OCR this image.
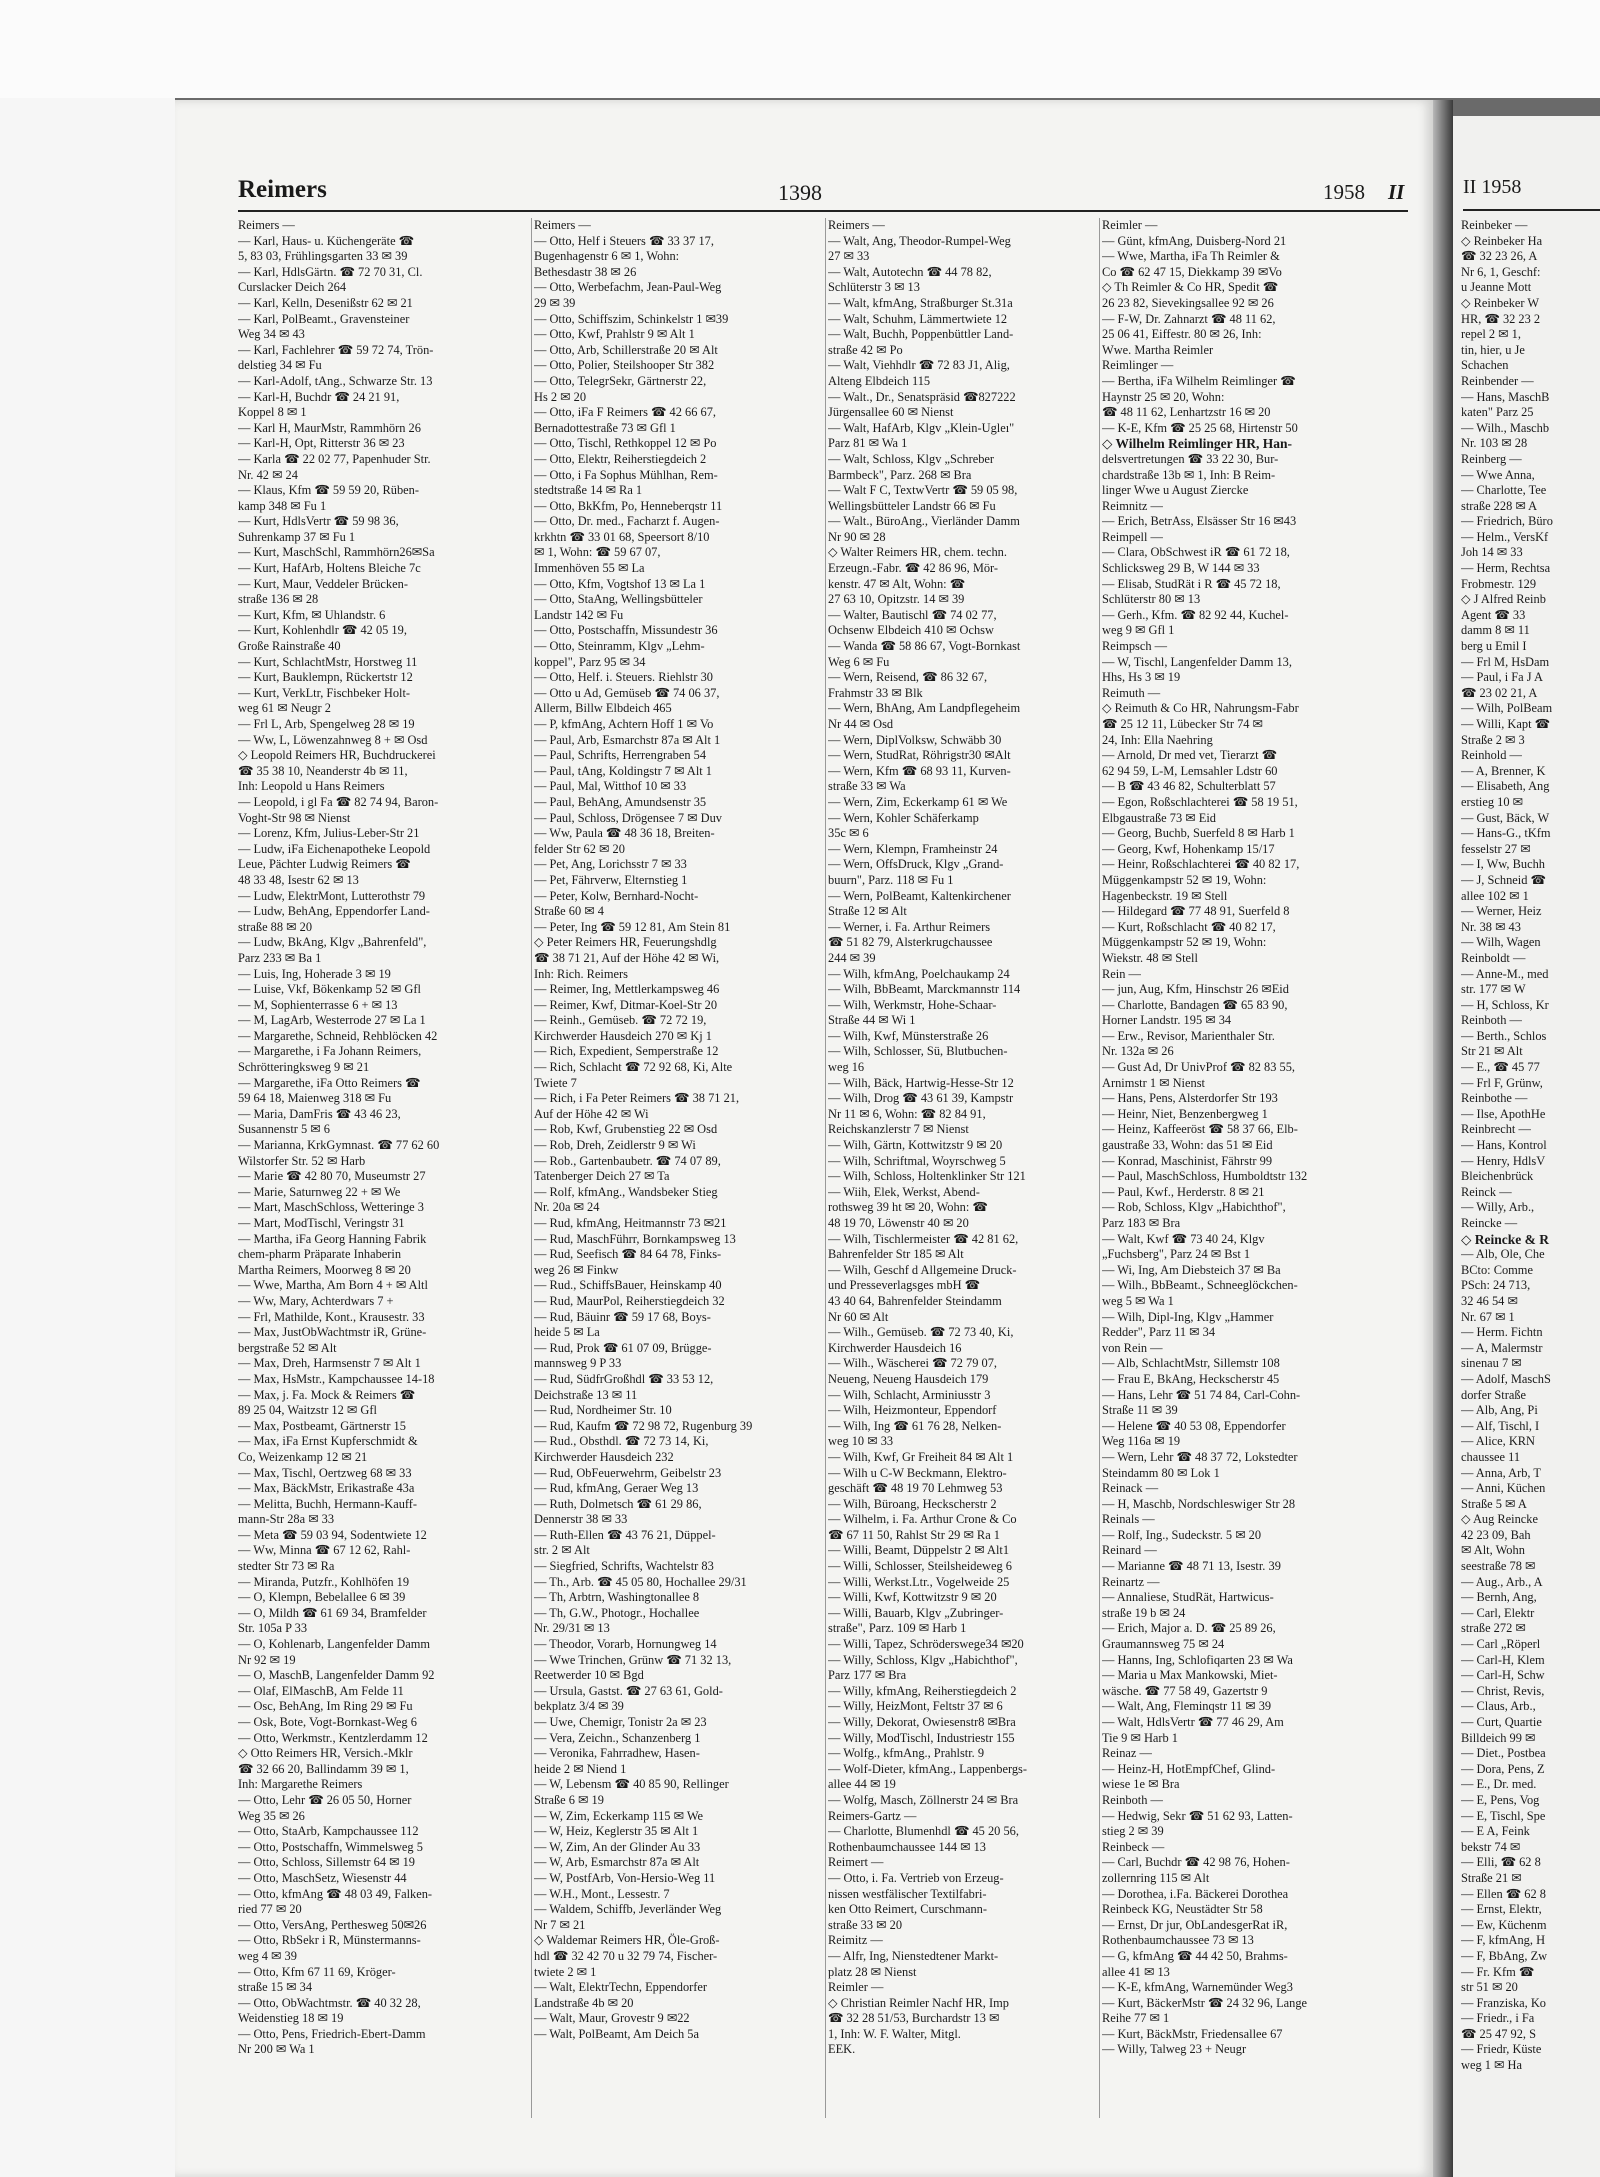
Reimers	1398	1958 II
Reimers —
— Karl, Haus- u. Küchengeräte ☎
5, 83 03, Frühlingsgarten 33 ✉ 39
— Karl, HdlsGärtn. ☎ 72 70 31, Cl.
Curslacker Deich 264
— Karl, Kelln, Desenißstr 62 ✉ 21
— Karl, PolBeamt., Gravensteiner
Weg 34 ✉ 43
— Karl, Fachlehrer ☎ 59 72 74, Trön-
delstieg 34 ✉ Fu
— Karl-Adolf, tAng., Schwarze Str. 13
— Karl-H, Buchdr ☎ 24 21 91,
Koppel 8 ✉ 1
— Karl H, MaurMstr, Rammhörn 26
— Karl-H, Opt, Ritterstr 36 ✉ 23
— Karla ☎ 22 02 77, Papenhuder Str.
Nr. 42 ✉ 24
— Klaus, Kfm ☎ 59 59 20, Rüben-
kamp 348 ✉ Fu 1
— Kurt, HdlsVertr ☎ 59 98 36,
Suhrenkamp 37 ✉ Fu 1
— Kurt, MaschSchl, Rammhörn26✉Sa
— Kurt, HafArb, Holtens Bleiche 7c
— Kurt, Maur, Veddeler Brücken-
straße 136 ✉ 28
— Kurt, Kfm, ✉ Uhlandstr. 6
— Kurt, Kohlenhdlr ☎ 42 05 19,
Große Rainstraße 40
— Kurt, SchlachtMstr, Horstweg 11
— Kurt, Bauklempn, Rückertstr 12
— Kurt, VerkLtr, Fischbeker Holt-
weg 61 ✉ Neugr 2
— Frl L, Arb, Spengelweg 28 ✉ 19
— Ww, L, Löwenzahnweg 8 + ✉ Osd
◇ Leopold Reimers HR, Buchdruckerei
☎ 35 38 10, Neanderstr 4b ✉ 11,
Inh: Leopold u Hans Reimers
— Leopold, i gl Fa ☎ 82 74 94, Baron-
Voght-Str 98 ✉ Nienst
— Lorenz, Kfm, Julius-Leber-Str 21
— Ludw, iFa Eichenapotheke Leopold
Leue, Pächter Ludwig Reimers ☎
48 33 48, Isestr 62 ✉ 13
— Ludw, ElektrMont, Lutterothstr 79
— Ludw, BehAng, Eppendorfer Land-
straße 88 ✉ 20
— Ludw, BkAng, Klgv „Bahrenfeld",
Parz 233 ✉ Ba 1
— Luis, Ing, Hoherade 3 ✉ 19
— Luise, Vkf, Bökenkamp 52 ✉ Gfl
— M, Sophienterrasse 6 + ✉ 13
— M, LagArb, Westerrode 27 ✉ La 1
— Margarethe, Schneid, Rehblöcken 42
— Margarethe, i Fa Johann Reimers,
Schrötteringksweg 9 ✉ 21
— Margarethe, iFa Otto Reimers ☎
59 64 18, Maienweg 318 ✉ Fu
— Maria, DamFris ☎ 43 46 23,
Susannenstr 5 ✉ 6
— Marianna, KrkGymnast. ☎ 77 62 60
Wilstorfer Str. 52 ✉ Harb
— Marie ☎ 42 80 70, Museumstr 27
— Marie, Saturnweg 22 + ✉ We
— Mart, MaschSchloss, Wetteringe 3
— Mart, ModTischl, Veringstr 31
— Martha, iFa Georg Hanning Fabrik
chem-pharm Präparate Inhaberin
Martha Reimers, Moorweg 8 ✉ 20
— Wwe, Martha, Am Born 4 + ✉ Altl
— Ww, Mary, Achterdwars 7 +
— Frl, Mathilde, Kont., Krausestr. 33
— Max, JustObWachtmstr iR, Grüne-
bergstraße 52 ✉ Alt
— Max, Dreh, Harmsenstr 7 ✉ Alt 1
— Max, HsMstr., Kampchaussee 14-18
— Max, j. Fa. Mock & Reimers ☎
89 25 04, Waitzstr 12 ✉ Gfl
— Max, Postbeamt, Gärtnerstr 15
— Max, iFa Ernst Kupferschmidt &
Co, Weizenkamp 12 ✉ 21
— Max, Tischl, Oertzweg 68 ✉ 33
— Max, BäckMstr, Erikastraße 43a
— Melitta, Buchh, Hermann-Kauff-
mann-Str 28a ✉ 33
— Meta ☎ 59 03 94, Sodentwiete 12
— Ww, Minna ☎ 67 12 62, Rahl-
stedter Str 73 ✉ Ra
— Miranda, Putzfr., Kohlhöfen 19
— O, Klempn, Bebelallee 6 ✉ 39
— O, Mildh ☎ 61 69 34, Bramfelder
Str. 105a P 33
— O, Kohlenarb, Langenfelder Damm
Nr 92 ✉ 19
— O, MaschB, Langenfelder Damm 92
— Olaf, ElMaschB, Am Felde 11
— Osc, BehAng, Im Ring 29 ✉ Fu
— Osk, Bote, Vogt-Bornkast-Weg 6
— Otto, Werkmstr., Kentzlerdamm 12
◇ Otto Reimers HR, Versich.-Mklr
☎ 32 66 20, Ballindamm 39 ✉ 1,
Inh: Margarethe Reimers
— Otto, Lehr ☎ 26 05 50, Horner
Weg 35 ✉ 26
— Otto, StaArb, Kampchaussee 112
— Otto, Postschaffn, Wimmelsweg 5
— Otto, Schloss, Sillemstr 64 ✉ 19
— Otto, MaschSetz, Wiesenstr 44
— Otto, kfmAng ☎ 48 03 49, Falken-
ried 77 ✉ 20
— Otto, VersAng, Perthesweg 50✉26
— Otto, RbSekr i R, Münstermanns-
weg 4 ✉ 39
— Otto, Kfm 67 11 69, Kröger-
straße 15 ✉ 34
— Otto, ObWachtmstr. ☎ 40 32 28,
Weidenstieg 18 ✉ 19
— Otto, Pens, Friedrich-Ebert-Damm
Nr 200 ✉ Wa 1
Reimers —
— Otto, Helf i Steuers ☎ 33 37 17,
Bugenhagenstr 6 ✉ 1, Wohn:
Bethesdastr 38 ✉ 26
— Otto, Werbefachm, Jean-Paul-Weg
29 ✉ 39
— Otto, Schiffszim, Schinkelstr 1 ✉39
— Otto, Kwf, Prahlstr 9 ✉ Alt 1
— Otto, Arb, Schillerstraße 20 ✉ Alt
— Otto, Polier, Steilshooper Str 382
— Otto, TelegrSekr, Gärtnerstr 22,
Hs 2 ✉ 20
— Otto, iFa F Reimers ☎ 42 66 67,
Bernadottestraße 73 ✉ Gfl 1
— Otto, Tischl, Rethkoppel 12 ✉ Po
— Otto, Elektr, Reiherstiegdeich 2
— Otto, i Fa Sophus Mühlhan, Rem-
stedtstraße 14 ✉ Ra 1
— Otto, BkKfm, Po, Henneberqstr 11
— Otto, Dr. med., Facharzt f. Augen-
krkhtn ☎ 33 01 68, Speersort 8/10
✉ 1, Wohn: ☎ 59 67 07,
Immenhöven 55 ✉ La
— Otto, Kfm, Vogtshof 13 ✉ La 1
— Otto, StaAng, Wellingsbütteler
Landstr 142 ✉ Fu
— Otto, Postschaffn, Missundestr 36
— Otto, Steinramm, Klgv „Lehm-
koppel", Parz 95 ✉ 34
— Otto, Helf. i. Steuers. Riehlstr 30
— Otto u Ad, Gemüseb ☎ 74 06 37,
Allerm, Billw Elbdeich 465
— P, kfmAng, Achtern Hoff 1 ✉ Vo
— Paul, Arb, Esmarchstr 87a ✉ Alt 1
— Paul, Schrifts, Herrengraben 54
— Paul, tAng, Koldingstr 7 ✉ Alt 1
— Paul, Mal, Witthof 10 ✉ 33
— Paul, BehAng, Amundsenstr 35
— Paul, Schloss, Drögensee 7 ✉ Duv
— Ww, Paula ☎ 48 36 18, Breiten-
felder Str 62 ✉ 20
— Pet, Ang, Lorichsstr 7 ✉ 33
— Pet, Fährverw, Elternstieg 1
— Peter, Kolw, Bernhard-Nocht-
Straße 60 ✉ 4
— Peter, Ing ☎ 59 12 81, Am Stein 81
◇ Peter Reimers HR, Feuerungshdlg
☎ 38 71 21, Auf der Höhe 42 ✉ Wi,
Inh: Rich. Reimers
— Reimer, Ing, Mettlerkampsweg 46
— Reimer, Kwf, Ditmar-Koel-Str 20
— Reinh., Gemüseb. ☎ 72 72 19,
Kirchwerder Hausdeich 270 ✉ Kj 1
— Rich, Expedient, Semperstraße 12
— Rich, Schlacht ☎ 72 92 68, Ki, Alte
Twiete 7
— Rich, i Fa Peter Reimers ☎ 38 71 21,
Auf der Höhe 42 ✉ Wi
— Rob, Kwf, Grubenstieg 22 ✉ Osd
— Rob, Dreh, Zeidlerstr 9 ✉ Wi
— Rob., Gartenbaubetr. ☎ 74 07 89,
Tatenberger Deich 27 ✉ Ta
— Rolf, kfmAng., Wandsbeker Stieg
Nr. 20a ✉ 24
— Rud, kfmAng, Heitmannstr 73 ✉21
— Rud, MaschFührr, Bornkampsweg 13
— Rud, Seefisch ☎ 84 64 78, Finks-
weg 26 ✉ Finkw
— Rud., SchiffsBauer, Heinskamp 40
— Rud, MaurPol, Reiherstiegdeich 32
— Rud, Bäuinr ☎ 59 17 68, Boys-
heide 5 ✉ La
— Rud, Prok ☎ 61 07 09, Brügge-
mannsweg 9 P 33
— Rud, SüdfrGroßhdl ☎ 33 53 12,
Deichstraße 13 ✉ 11
— Rud, Nordheimer Str. 10
— Rud, Kaufm ☎ 72 98 72, Rugenburg 39
— Rud., Obsthdl. ☎ 72 73 14, Ki,
Kirchwerder Hausdeich 232
— Rud, ObFeuerwehrm, Geibelstr 23
— Rud, kfmAng, Geraer Weg 13
— Ruth, Dolmetsch ☎ 61 29 86,
Dennerstr 38 ✉ 33
— Ruth-Ellen ☎ 43 76 21, Düppel-
str. 2 ✉ Alt
— Siegfried, Schrifts, Wachtelstr 83
— Th., Arb. ☎ 45 05 80, Hochallee 29/31
— Th, Arbtrn, Washingtonallee 8
— Th, G.W., Photogr., Hochallee
Nr. 29/31 ✉ 13
— Theodor, Vorarb, Hornungweg 14
— Wwe Trinchen, Grünw ☎ 71 32 13,
Reetwerder 10 ✉ Bgd
— Ursula, Gastst. ☎ 27 63 61, Gold-
bekplatz 3/4 ✉ 39
— Uwe, Chemigr, Tonistr 2a ✉ 23
— Vera, Zeichn., Schanzenberg 1
— Veronika, Fahrradhew, Hasen-
heide 2 ✉ Niend 1
— W, Lebensm ☎ 40 85 90, Rellinger
Straße 6 ✉ 19
— W, Zim, Eckerkamp 115 ✉ We
— W, Heiz, Keglerstr 35 ✉ Alt 1
— W, Zim, An der Glinder Au 33
— W, Arb, Esmarchstr 87a ✉ Alt
— W, PostfArb, Von-Hersio-Weg 11
— W.H., Mont., Lessestr. 7
— Waldem, Schiffb, Jeverländer Weg
Nr 7 ✉ 21
◇ Waldemar Reimers HR, Öle-Groß-
hdl ☎ 32 42 70 u 32 79 74, Fischer-
twiete 2 ✉ 1
— Walt, ElektrTechn, Eppendorfer
Landstraße 4b ✉ 20
— Walt, Maur, Grovestr 9 ✉22
— Walt, PolBeamt, Am Deich 5a
Reimers —
— Walt, Ang, Theodor-Rumpel-Weg
27 ✉ 33
— Walt, Autotechn ☎ 44 78 82,
Schlüterstr 3 ✉ 13
— Walt, kfmAng, Straßburger St.31a
— Walt, Schuhm, Lämmertwiete 12
— Walt, Buchh, Poppenbüttler Land-
straße 42 ✉ Po
— Walt, Viehhdlr ☎ 72 83 J1, Alig,
Alteng Elbdeich 115
— Walt., Dr., Senatspräsid ☎827222
Jürgensallee 60 ✉ Nienst
— Walt, HafArb, Klgv „Klein-Ugleı"
Parz 81 ✉ Wa 1
— Walt, Schloss, Klgv „Schreber
Barmbeck", Parz. 268 ✉ Bra
— Walt F C, TextwVertr ☎ 59 05 98,
Wellingsbütteler Landstr 66 ✉ Fu
— Walt., BüroAng., Vierländer Damm
Nr 90 ✉ 28
◇ Walter Reimers HR, chem. techn.
Erzeugn.-Fabr. ☎ 42 86 96, Mör-
kenstr. 47 ✉ Alt, Wohn: ☎
27 63 10, Opitzstr. 14 ✉ 39
— Walter, Bautischl ☎ 74 02 77,
Ochsenw Elbdeich 410 ✉ Ochsw
— Wanda ☎ 58 86 67, Vogt-Bornkast
Weg 6 ✉ Fu
— Wern, Reisend, ☎ 86 32 67,
Frahmstr 33 ✉ Blk
— Wern, BhAng, Am Landpflegeheim
Nr 44 ✉ Osd
— Wern, DiplVolksw, Schwäbb 30
— Wern, StudRat, Röhrigstr30 ✉Alt
— Wern, Kfm ☎ 68 93 11, Kurven-
straße 33 ✉ Wa
— Wern, Zim, Eckerkamp 61 ✉ We
— Wern, Kohler Schäferkamp
35c ✉ 6
— Wern, Klempn, Framheinstr 24
— Wern, OffsDruck, Klgv „Grand-
buurn", Parz. 118 ✉ Fu 1
— Wern, PolBeamt, Kaltenkirchener
Straße 12 ✉ Alt
— Werner, i. Fa. Arthur Reimers
☎ 51 82 79, Alsterkrugchaussee
244 ✉ 39
— Wilh, kfmAng, Poelchaukamp 24
— Wilh, BbBeamt, Marckmannstr 114
— Wilh, Werkmstr, Hohe-Schaar-
Straße 44 ✉ Wi 1
— Wilh, Kwf, Münsterstraße 26
— Wilh, Schlosser, Sü, Blutbuchen-
weg 16
— Wilh, Bäck, Hartwig-Hesse-Str 12
— Wilh, Drog ☎ 43 61 39, Kampstr
Nr 11 ✉ 6, Wohn: ☎ 82 84 91,
Reichskanzlerstr 7 ✉ Nienst
— Wilh, Gärtn, Kottwitzstr 9 ✉ 20
— Wilh, Schriftmal, Woyrschweg 5
— Wilh, Schloss, Holtenklinker Str 121
— Wiih, Elek, Werkst, Abend-
rothsweg 39 ht ✉ 20, Wohn: ☎
48 19 70, Löwenstr 40 ✉ 20
— Wilh, Tischlermeister ☎ 42 81 62,
Bahrenfelder Str 185 ✉ Alt
— Wilh, Geschf d Allgemeine Druck-
und Presseverlagsges mbH ☎
43 40 64, Bahrenfelder Steindamm
Nr 60 ✉ Alt
— Wilh., Gemüseb. ☎ 72 73 40, Ki,
Kirchwerder Hausdeich 16
— Wilh., Wäscherei ☎ 72 79 07,
Neueng, Neueng Hausdeich 179
— Wilh, Schlacht, Arminiusstr 3
— Wilh, Heizmonteur, Eppendorf
— Wilh, Ing ☎ 61 76 28, Nelken-
weg 10 ✉ 33
— Wilh, Kwf, Gr Freiheit 84 ✉ Alt 1
— Wilh u C-W Beckmann, Elektro-
geschäft ☎ 48 19 70 Lehmweg 53
— Wilh, Büroang, Heckscherstr 2
— Wilhelm, i. Fa. Arthur Crone & Co
☎ 67 11 50, Rahlst Str 29 ✉ Ra 1
— Willi, Beamt, Düppelstr 2 ✉ Alt1
— Willi, Schlosser, Steilsheideweg 6
— Willi, Werkst.Ltr., Vogelweide 25
— Willi, Kwf, Kottwitzstr 9 ✉ 20
— Willi, Bauarb, Klgv „Zubringer-
straße", Parz. 109 ✉ Harb 1
— Willi, Tapez, Schröderswege34 ✉20
— Willy, Schloss, Klgv „Habichthof",
Parz 177 ✉ Bra
— Willy, kfmAng, Reiherstiegdeich 2
— Willy, HeizMont, Feltstr 37 ✉ 6
— Willy, Dekorat, Owiesenstr8 ✉Bra
— Willy, ModTischl, Industriestr 155
— Wolfg., kfmAng., Prahlstr. 9
— Wolf-Dieter, kfmAng., Lappenbergs-
allee 44 ✉ 19
— Wolfg, Masch, Zöllnerstr 24 ✉ Bra
Reimers-Gartz —
— Charlotte, Blumenhdl ☎ 45 20 56,
Rothenbaumchaussee 144 ✉ 13
Reimert —
— Otto, i. Fa. Vertrieb von Erzeug-
nissen westfälischer Textilfabri-
ken Otto Reimert, Curschmann-
straße 33 ✉ 20
Reimitz —
— Alfr, Ing, Nienstedtener Markt-
platz 28 ✉ Nienst
Reimler —
◇ Christian Reimler Nachf HR, Imp
☎ 32 28 51/53, Burchardstr 13 ✉
1, Inh: W. F. Walter, Mitgl.
EEK.
Reimler —
— Günt, kfmAng, Duisberg-Nord 21
— Wwe, Martha, iFa Th Reimler &
Co ☎ 62 47 15, Diekkamp 39 ✉Vo
◇ Th Reimler & Co HR, Spedit ☎
26 23 82, Sievekingsallee 92 ✉ 26
— F-W, Dr. Zahnarzt ☎ 48 11 62,
25 06 41, Eiffestr. 80 ✉ 26, Inh:
Wwe. Martha Reimler
Reimlinger —
— Bertha, iFa Wilhelm Reimlinger ☎
Haynstr 25 ✉ 20, Wohn:
☎ 48 11 62, Lenhartzstr 16 ✉ 20
— K-E, Kfm ☎ 25 25 68, Hirtenstr 50
◇ Wilhelm Reimlinger HR, Han-
delsvertretungen ☎ 33 22 30, Bur-
chardstraße 13b ✉ 1, Inh: B Reim-
linger Wwe u August Ziercke
Reimnitz —
— Erich, BetrAss, Elsässer Str 16 ✉43
Reimpell —
— Clara, ObSchwest iR ☎ 61 72 18,
Schlicksweg 29 B, W 144 ✉ 33
— Elisab, StudRät i R ☎ 45 72 18,
Schlüterstr 80 ✉ 13
— Gerh., Kfm. ☎ 82 92 44, Kuchel-
weg 9 ✉ Gfl 1
Reimpsch —
— W, Tischl, Langenfelder Damm 13,
Hhs, Hs 3 ✉ 19
Reimuth —
◇ Reimuth & Co HR, Nahrungsm-Fabr
☎ 25 12 11, Lübecker Str 74 ✉
24, Inh: Ella Naehring
— Arnold, Dr med vet, Tierarzt ☎
62 94 59, L-M, Lemsahler Ldstr 60
— B ☎ 43 46 82, Schulterblatt 57
— Egon, Roßschlachterei ☎ 58 19 51,
Elbgaustraße 73 ✉ Eid
— Georg, Buchb, Suerfeld 8 ✉ Harb 1
— Georg, Kwf, Hohenkamp 15/17
— Heinr, Roßschlachterei ☎ 40 82 17,
Müggenkampstr 52 ✉ 19, Wohn:
Hagenbeckstr. 19 ✉ Stell
— Hildegard ☎ 77 48 91, Suerfeld 8
— Kurt, Roßschlacht ☎ 40 82 17,
Müggenkampstr 52 ✉ 19, Wohn:
Wiekstr. 48 ✉ Stell
Rein —
— jun, Aug, Kfm, Hinschstr 26 ✉Eid
— Charlotte, Bandagen ☎ 65 83 90,
Horner Landstr. 195 ✉ 34
— Erw., Revisor, Marienthaler Str.
Nr. 132a ✉ 26
— Gust Ad, Dr UnivProf ☎ 82 83 55,
Arnimstr 1 ✉ Nienst
— Hans, Pens, Alsterdorfer Str 193
— Heinr, Niet, Benzenbergweg 1
— Heinz, Kaffeeröst ☎ 58 37 66, Elb-
gaustraße 33, Wohn: das 51 ✉ Eid
— Konrad, Maschinist, Fährstr 99
— Paul, MaschSchloss, Humboldtstr 132
— Paul, Kwf., Herderstr. 8 ✉ 21
— Rob, Schloss, Klgv „Habichthof",
Parz 183 ✉ Bra
— Walt, Kwf ☎ 73 40 24, Klgv
„Fuchsberg", Parz 24 ✉ Bst 1
— Wi, Ing, Am Diebsteich 37 ✉ Ba
— Wilh., BbBeamt., Schneeglöckchen-
weg 5 ✉ Wa 1
— Wilh, Dipl-Ing, Klgv „Hammer
Redder", Parz 11 ✉ 34
von Rein —
— Alb, SchlachtMstr, Sillemstr 108
— Frau E, BkAng, Heckscherstr 45
— Hans, Lehr ☎ 51 74 84, Carl-Cohn-
Straße 11 ✉ 39
— Helene ☎ 40 53 08, Eppendorfer
Weg 116a ✉ 19
— Wern, Lehr ☎ 48 37 72, Lokstedter
Steindamm 80 ✉ Lok 1
Reinack —
— H, Maschb, Nordschleswiger Str 28
Reinals —
— Rolf, Ing., Sudeckstr. 5 ✉ 20
Reinard —
— Marianne ☎ 48 71 13, Isestr. 39
Reinartz —
— Annaliese, StudRät, Hartwicus-
straße 19 b ✉ 24
— Erich, Major a. D. ☎ 25 89 26,
Graumannsweg 75 ✉ 24
— Hanns, Ing, Schlofiqarten 23 ✉ Wa
— Maria u Max Mankowski, Miet-
wäsche. ☎ 77 58 49, Gazertstr 9
— Walt, Ang, Fleminqstr 11 ✉ 39
— Walt, HdlsVertr ☎ 77 46 29, Am
Tie 9 ✉ Harb 1
Reinaz —
— Heinz-H, HotEmpfChef, Glind-
wiese 1e ✉ Bra
Reinboth —
— Hedwig, Sekr ☎ 51 62 93, Latten-
stieg 2 ✉ 39
Reinbeck —
— Carl, Buchdr ☎ 42 98 76, Hohen-
zollernring 115 ✉ Alt
— Dorothea, i.Fa. Bäckerei Dorothea
Reinbeck KG, Neustädter Str 58
— Ernst, Dr jur, ObLandesgerRat iR,
Rothenbaumchaussee 73 ✉ 13
— G, kfmAng ☎ 44 42 50, Brahms-
allee 41 ✉ 13
— K-E, kfmAng, Warnemünder Weg3
— Kurt, BäckerMstr ☎ 24 32 96, Lange
Reihe 77 ✉ 1
— Kurt, BäckMstr, Friedensallee 67
— Willy, Talweg 23 + Neugr
II 1958
Reinbeker —
◇ Reinbeker Ha
☎ 32 23 26, A
Nr 6, 1, Geschf:
u Jeanne Mott
◇ Reinbeker W
HR, ☎ 32 23 2
repel 2 ✉ 1,
tin, hier, u Je
Schachen
Reinbender —
— Hans, MaschB
katen" Parz 25
— Wilh., Maschb
Nr. 103 ✉ 28
Reinberg —
— Wwe Anna,
— Charlotte, Tee
straße 228 ✉ A
— Friedrich, Büro
— Helm., VersKf
Joh 14 ✉ 33
— Herm, Rechtsa
Frobmestr. 129
◇ J Alfred Reinb
Agent ☎ 33
damm 8 ✉ 11
berg u Emil I
— Frl M, HsDam
— Paul, i Fa J A
☎ 23 02 21, A
— Wilh, PolBeam
— Willi, Kapt ☎
Straße 2 ✉ 3
Reinhold —
— A, Brenner, K
— Elisabeth, Ang
erstieg 10 ✉
— Gust, Bäck, W
— Hans-G., tKfm
fesselstr 27 ✉
— I, Ww, Buchh
— J, Schneid ☎
allee 102 ✉ 1
— Werner, Heiz
Nr. 38 ✉ 43
— Wilh, Wagen
Reinboldt —
— Anne-M., med
str. 177 ✉ W
— H, Schloss, Kr
Reinboth —
— Berth., Schlos
Str 21 ✉ Alt
— E., ☎ 45 77
— Frl F, Grünw,
Reinbothe —
— Ilse, ApothHe
Reinbrecht —
— Hans, Kontrol
— Henry, HdlsV
Bleichenbrück
Reinck —
— Willy, Arb.,
Reincke —
◇ Reincke & R
— Alb, Ole, Che
BCto: Comme
PSch: 24 713,
32 46 54 ✉
Nr. 67 ✉ 1
— Herm. Fichtn
— A, Malermstr
sinenau 7 ✉
— Adolf, MaschS
dorfer Straße
— Alb, Ang, Pi
— Alf, Tischl, I
— Alice, KRN
chaussee 11
— Anna, Arb, T
— Anni, Küchen
Straße 5 ✉ A
◇ Aug Reincke
42 23 09, Bah
✉ Alt, Wohn
seestraße 78 ✉
— Aug., Arb., A
— Bernh, Ang,
— Carl, Elektr
straße 272 ✉
— Carl „Röperl
— Carl-H, Klem
— Carl-H, Schw
— Christ, Revis,
— Claus, Arb.,
— Curt, Quartie
Billdeich 99 ✉
— Diet., Postbea
— Dora, Pens, Z
— E., Dr. med.
— E, Pens, Vog
— E, Tischl, Spe
— E A, Feink
bekstr 74 ✉
— Elli, ☎ 62 8
Straße 21 ✉
— Ellen ☎ 62 8
— Ernst, Elektr,
— Ew, Küchenm
— F, kfmAng, H
— F, BbAng, Zw
— Fr. Kfm ☎
str 51 ✉ 20
— Franziska, Ko
— Friedr., i Fa
☎ 25 47 92, S
— Friedr, Küste
weg 1 ✉ Ha
